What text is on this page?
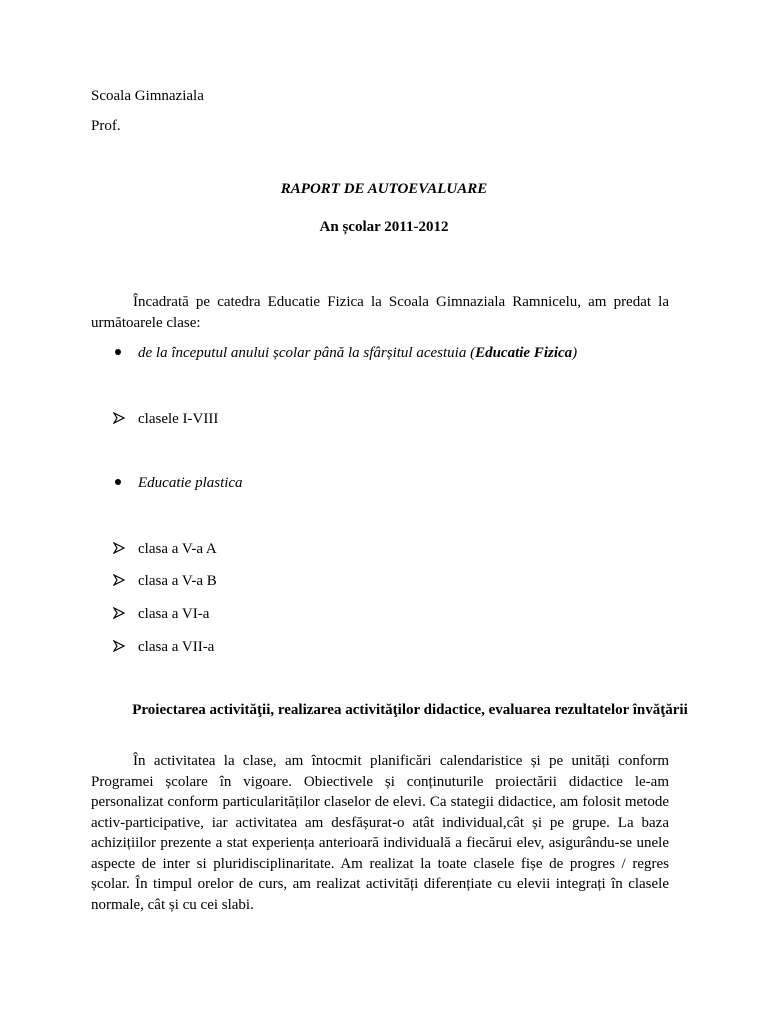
Scoala Gimnaziala
Prof.
RAPORT DE AUTOEVALUARE
An școlar 2011-2012
Încadrată pe catedra Educatie Fizica la Scoala Gimnaziala Ramnicelu, am predat la următoarele clase:
de la începutul anului școlar până la sfârșitul acestuia (Educatie Fizica)
clasele I-VIII
Educatie plastica
clasa a V-a A
clasa a V-a B
clasa a VI-a
clasa a VII-a
Proiectarea activităţii, realizarea activităţilor didactice, evaluarea rezultatelor învăţării
În activitatea la clase, am întocmit planificări calendaristice și pe unități conform Programei școlare în vigoare. Obiectivele și conținuturile proiectării didactice le-am personalizat conform particularităților claselor de elevi. Ca stategii didactice, am folosit metode activ-participative, iar activitatea am desfășurat-o atât individual,cât și pe grupe. La baza achizițiilor prezente a stat experiența anterioară individuală a fiecărui elev, asigurându-se unele aspecte de inter si pluridisciplinaritate. Am realizat la toate clasele fișe de progres / regres școlar. În timpul orelor de curs, am realizat activități diferențiate cu elevii integrați în clasele normale, cât și cu cei slabi.
